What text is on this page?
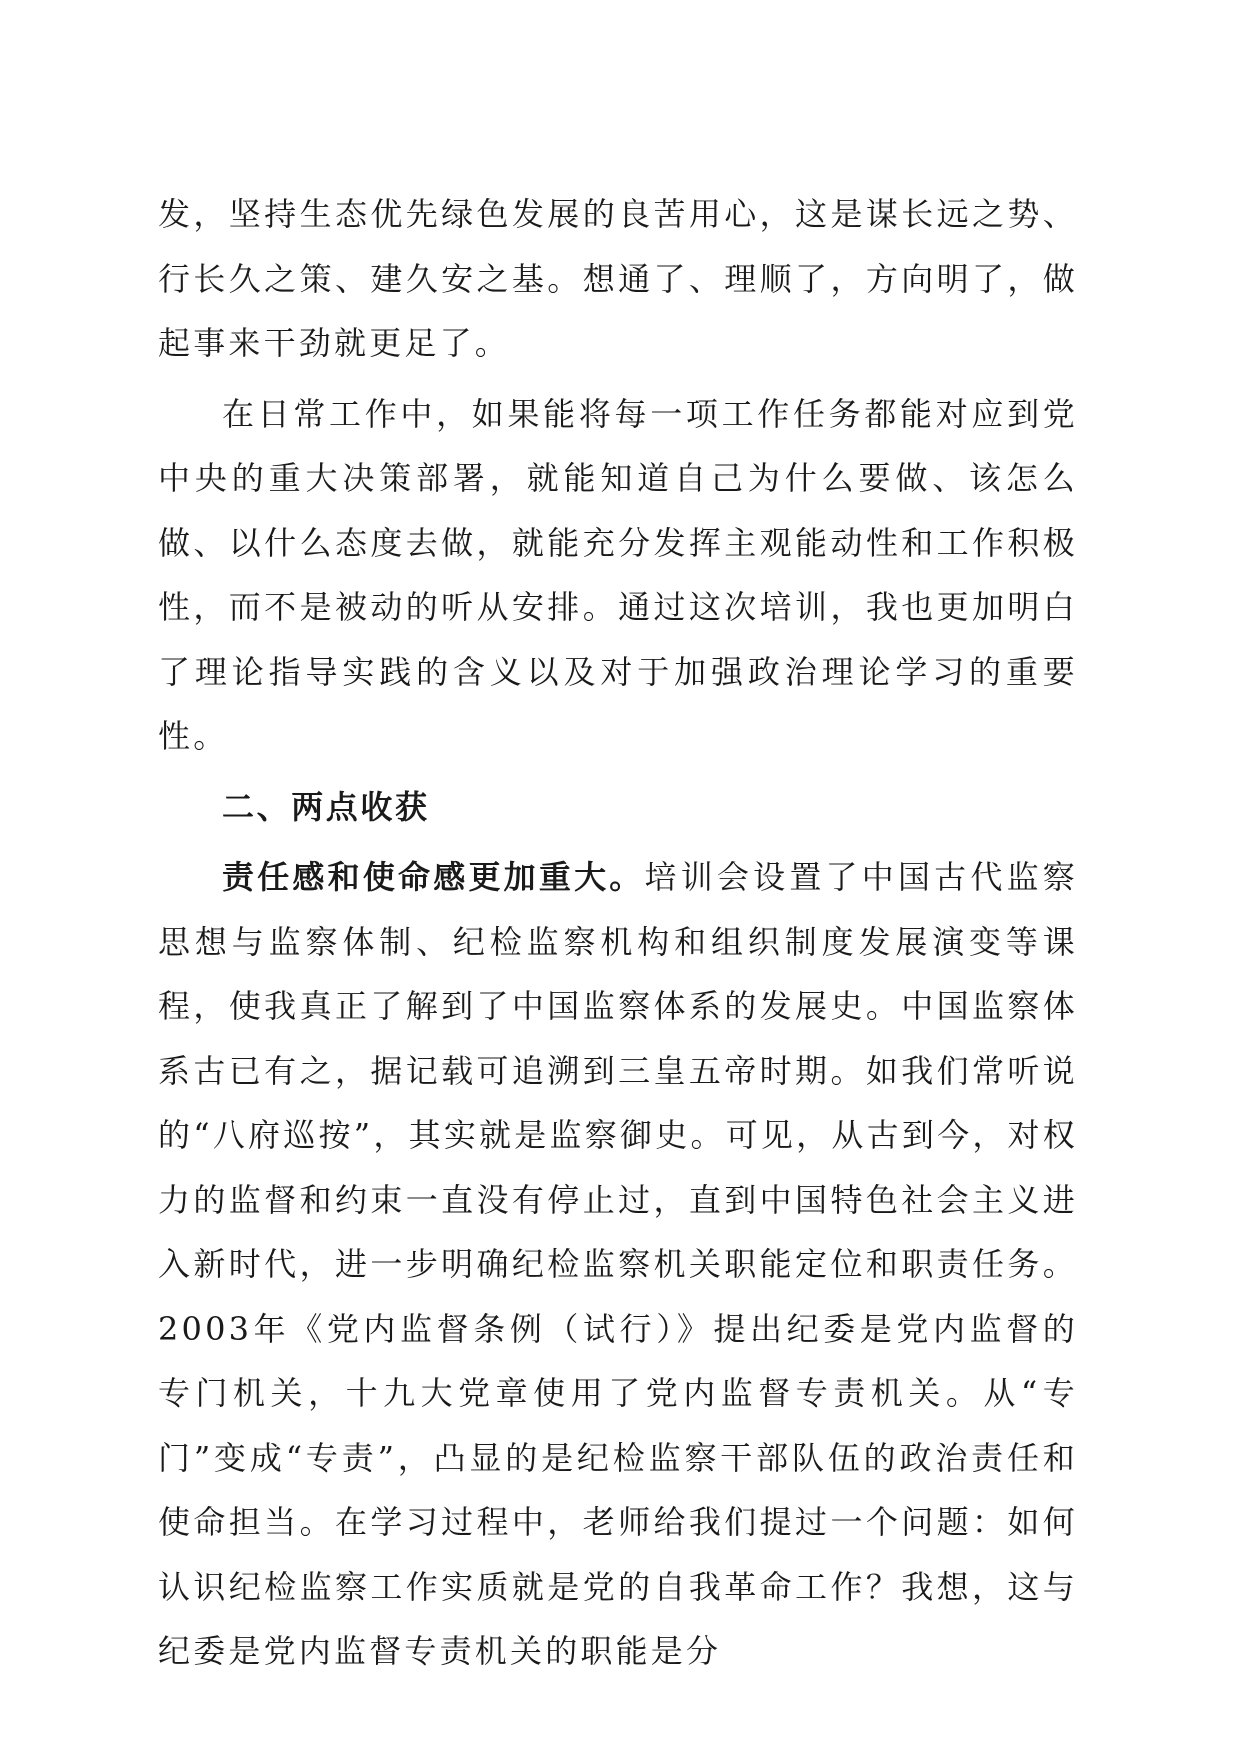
发，坚持生态优先绿色发展的良苦用心，这是谋长远之势、行长久之策、建久安之基。想通了、理顺了，方向明了，做起事来干劲就更足了。

在日常工作中，如果能将每一项工作任务都能对应到党中央的重大决策部署，就能知道自己为什么要做、该怎么做、以什么态度去做，就能充分发挥主观能动性和工作积极性，而不是被动的听从安排。通过这次培训，我也更加明白了理论指导实践的含义以及对于加强政治理论学习的重要性。

二、两点收获

责任感和使命感更加重大。培训会设置了中国古代监察思想与监察体制、纪检监察机构和组织制度发展演变等课程，使我真正了解到了中国监察体系的发展史。中国监察体系古已有之，据记载可追溯到三皇五帝时期。如我们常听说的“八府巡按”，其实就是监察御史。可见，从古到今，对权力的监督和约束一直没有停止过，直到中国特色社会主义进入新时代，进一步明确纪检监察机关职能定位和职责任务。2003年《党内监督条例（试行）》提出纪委是党内监督的专门机关，十九大党章使用了党内监督专责机关。从“专门”变成“专责”，凸显的是纪检监察干部队伍的政治责任和使命担当。在学习过程中，老师给我们提过一个问题：如何认识纪检监察工作实质就是党的自我革命工作？我想，这与纪委是党内监督专责机关的职能是分
